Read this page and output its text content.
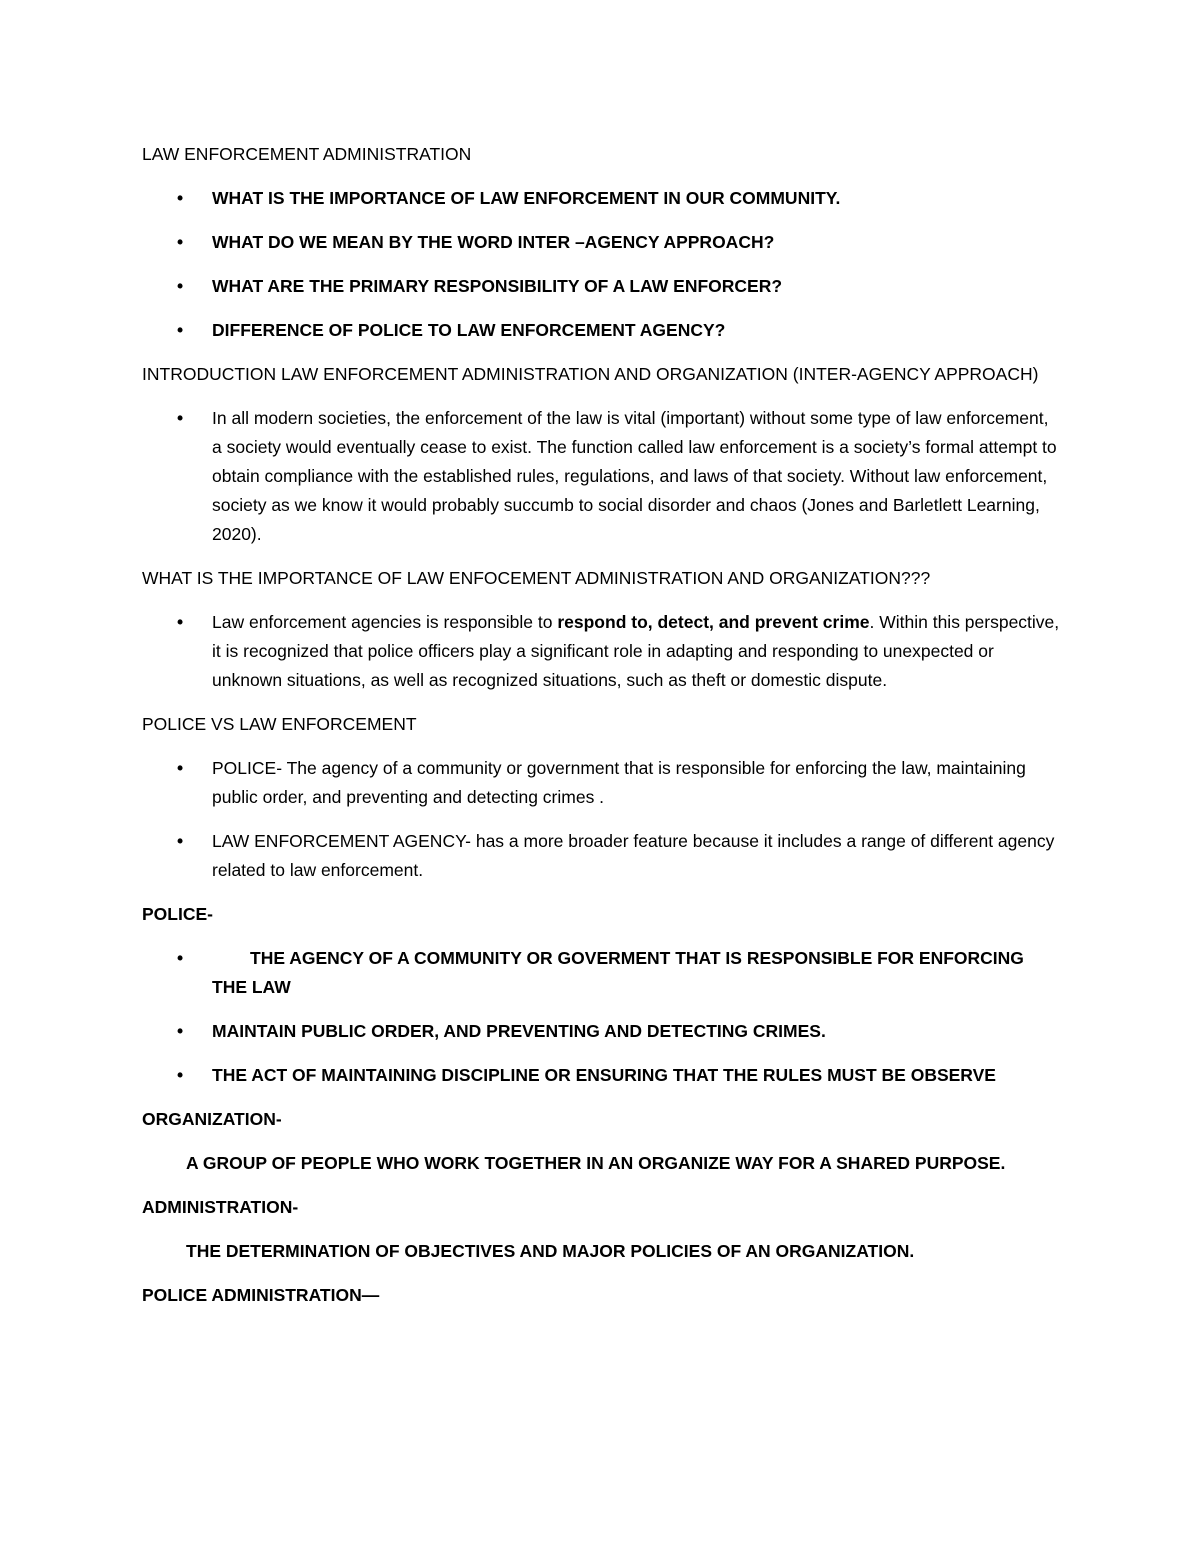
LAW ENFORCEMENT ADMINISTRATION
• WHAT IS THE IMPORTANCE OF LAW ENFORCEMENT IN OUR COMMUNITY.
• WHAT DO WE MEAN BY THE WORD INTER –AGENCY APPROACH?
• WHAT ARE THE PRIMARY RESPONSIBILITY OF A LAW ENFORCER?
• DIFFERENCE OF POLICE TO LAW ENFORCEMENT AGENCY?
INTRODUCTION LAW ENFORCEMENT ADMINISTRATION AND ORGANIZATION (INTER-AGENCY APPROACH)
• In all modern societies, the enforcement of the law is vital (important) without some type of law enforcement, a society would eventually cease to exist. The function called law enforcement is a society’s formal attempt to obtain compliance with the established rules, regulations, and laws of that society. Without law enforcement, society as we know it would probably succumb to social disorder and chaos (Jones and Barletlett Learning, 2020).
WHAT IS THE IMPORTANCE OF LAW ENFOCEMENT ADMINISTRATION AND ORGANIZATION???
• Law enforcement agencies is responsible to respond to, detect, and prevent crime. Within this perspective, it is recognized that police officers play a significant role in adapting and responding to unexpected or unknown situations, as well as recognized situations, such as theft or domestic dispute.
POLICE VS LAW ENFORCEMENT
• POLICE- The agency of a community or government that is responsible for enforcing the law, maintaining public order, and preventing and detecting crimes .
• LAW ENFORCEMENT AGENCY- has a more broader feature because it includes a range of different agency related to law enforcement.
POLICE-
•	THE AGENCY OF A COMMUNITY OR GOVERMENT THAT IS RESPONSIBLE FOR ENFORCING THE LAW
• MAINTAIN PUBLIC ORDER, AND PREVENTING AND DETECTING CRIMES.
• THE ACT OF MAINTAINING DISCIPLINE OR ENSURING THAT THE RULES MUST BE OBSERVE
ORGANIZATION-
A GROUP OF PEOPLE WHO WORK TOGETHER IN AN ORGANIZE WAY FOR A SHARED PURPOSE.
ADMINISTRATION-
THE DETERMINATION OF OBJECTIVES AND MAJOR POLICIES OF AN ORGANIZATION.
POLICE ADMINISTRATION—
